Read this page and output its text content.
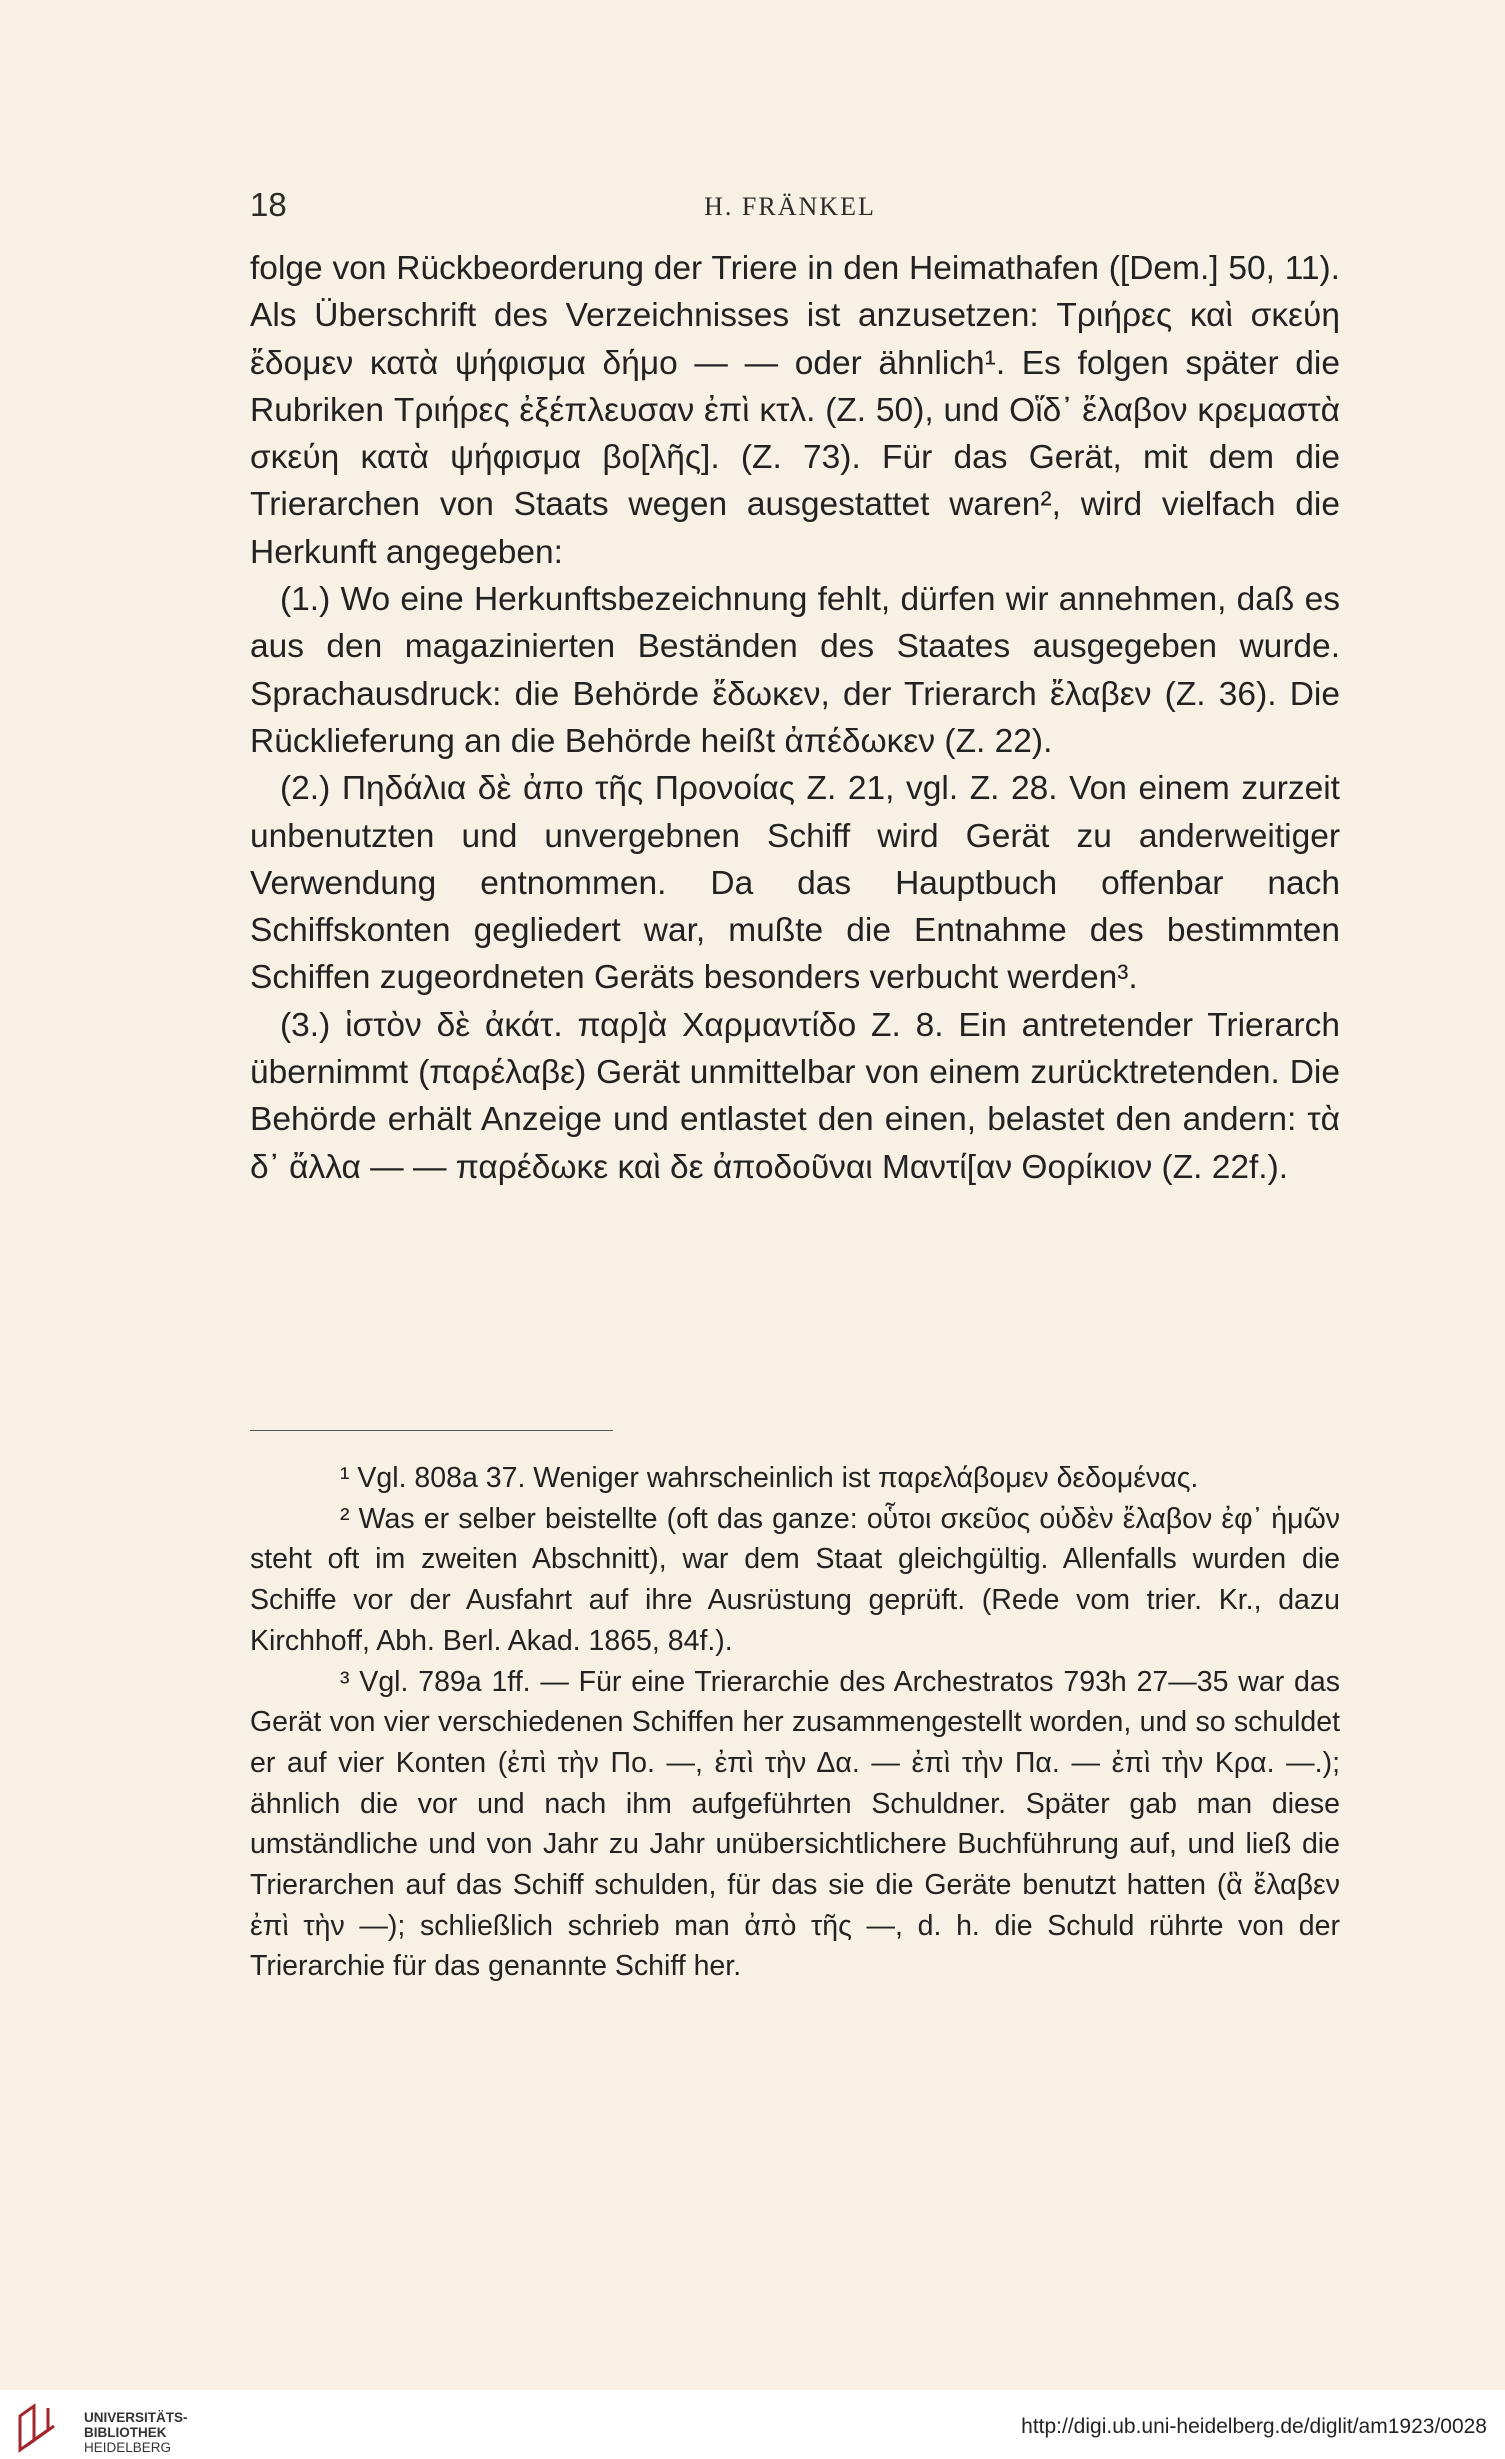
18	H. FRÄNKEL

folge von Rückbeorderung der Triere in den Heimathafen ([Dem.] 50, 11). Als Überschrift des Verzeichnisses ist anzusetzen: Τριήρες καὶ σκεύη ἔδομεν κατὰ ψήφισμα δήμο — — oder ähnlich¹. Es folgen später die Rubriken Τριήρες ἐξέπλευσαν ἐπὶ κτλ. (Z. 50), und Οἵδ᾽ ἔλαβον κρεμαστὰ σκεύη κατὰ ψήφισμα βο[λῆς]. (Z. 73). Für das Gerät, mit dem die Trierarchen von Staats wegen ausgestattet waren², wird vielfach die Herkunft angegeben:

(1.) Wo eine Herkunftsbezeichnung fehlt, dürfen wir annehmen, daß es aus den magazinierten Beständen des Staates ausgegeben wurde. Sprachausdruck: die Behörde ἔδωκεν, der Trierarch ἔλαβεν (Z. 36). Die Rücklieferung an die Behörde heißt ἀπέδωκεν (Z. 22).

(2.) Πηδάλια δὲ ἀπο τῆς Προνοίας Z. 21, vgl. Z. 28. Von einem zurzeit unbenutzten und unvergebnen Schiff wird Gerät zu anderweitiger Verwendung entnommen. Da das Hauptbuch offenbar nach Schiffskonten gegliedert war, mußte die Entnahme des bestimmten Schiffen zugeordneten Geräts besonders verbucht werden³.

(3.) ἱστὸν δὲ ἀκάτ. παρ]ὰ Χαρμαντίδο Z. 8. Ein antretender Trierarch übernimmt (παρέλαβε) Gerät unmittelbar von einem zurücktretenden. Die Behörde erhält Anzeige und entlastet den einen, belastet den andern: τὰ δ᾽ ἄλλα — — παρέδωκε καὶ δε ἀποδοῦναι Μαντί[αν Θορίκιον (Z. 22f.).

¹ Vgl. 808a 37. Weniger wahrscheinlich ist παρελάβομεν δεδομένας.

² Was er selber beistellte (oft das ganze: οὗτοι σκεῦος οὐδὲν ἔλαβον ἐφ᾽ ἡμῶν steht oft im zweiten Abschnitt), war dem Staat gleichgültig. Allenfalls wurden die Schiffe vor der Ausfahrt auf ihre Ausrüstung geprüft. (Rede vom trier. Kr., dazu Kirchhoff, Abh. Berl. Akad. 1865, 84f.).

³ Vgl. 789a 1ff. — Für eine Trierarchie des Archestratos 793h 27—35 war das Gerät von vier verschiedenen Schiffen her zusammengestellt worden, und so schuldet er auf vier Konten (ἐπὶ τὴν Πο. —, ἐπὶ τὴν Δα. — ἐπὶ τὴν Πα. — ἐπὶ τὴν Κρα. —.); ähnlich die vor und nach ihm aufgeführten Schuldner. Später gab man diese umständliche und von Jahr zu Jahr unübersichtlichere Buchführung auf, und ließ die Trierarchen auf das Schiff schulden, für das sie die Geräte benutzt hatten (ἃ ἔλαβεν ἐπὶ τὴν —); schließlich schrieb man ἀπὸ τῆς —, d. h. die Schuld rührte von der Trierarchie für das genannte Schiff her.

UNIVERSITÄTS-
BIBLIOTHEK
HEIDELBERG
http://digi.ub.uni-heidelberg.de/diglit/am1923/0028
